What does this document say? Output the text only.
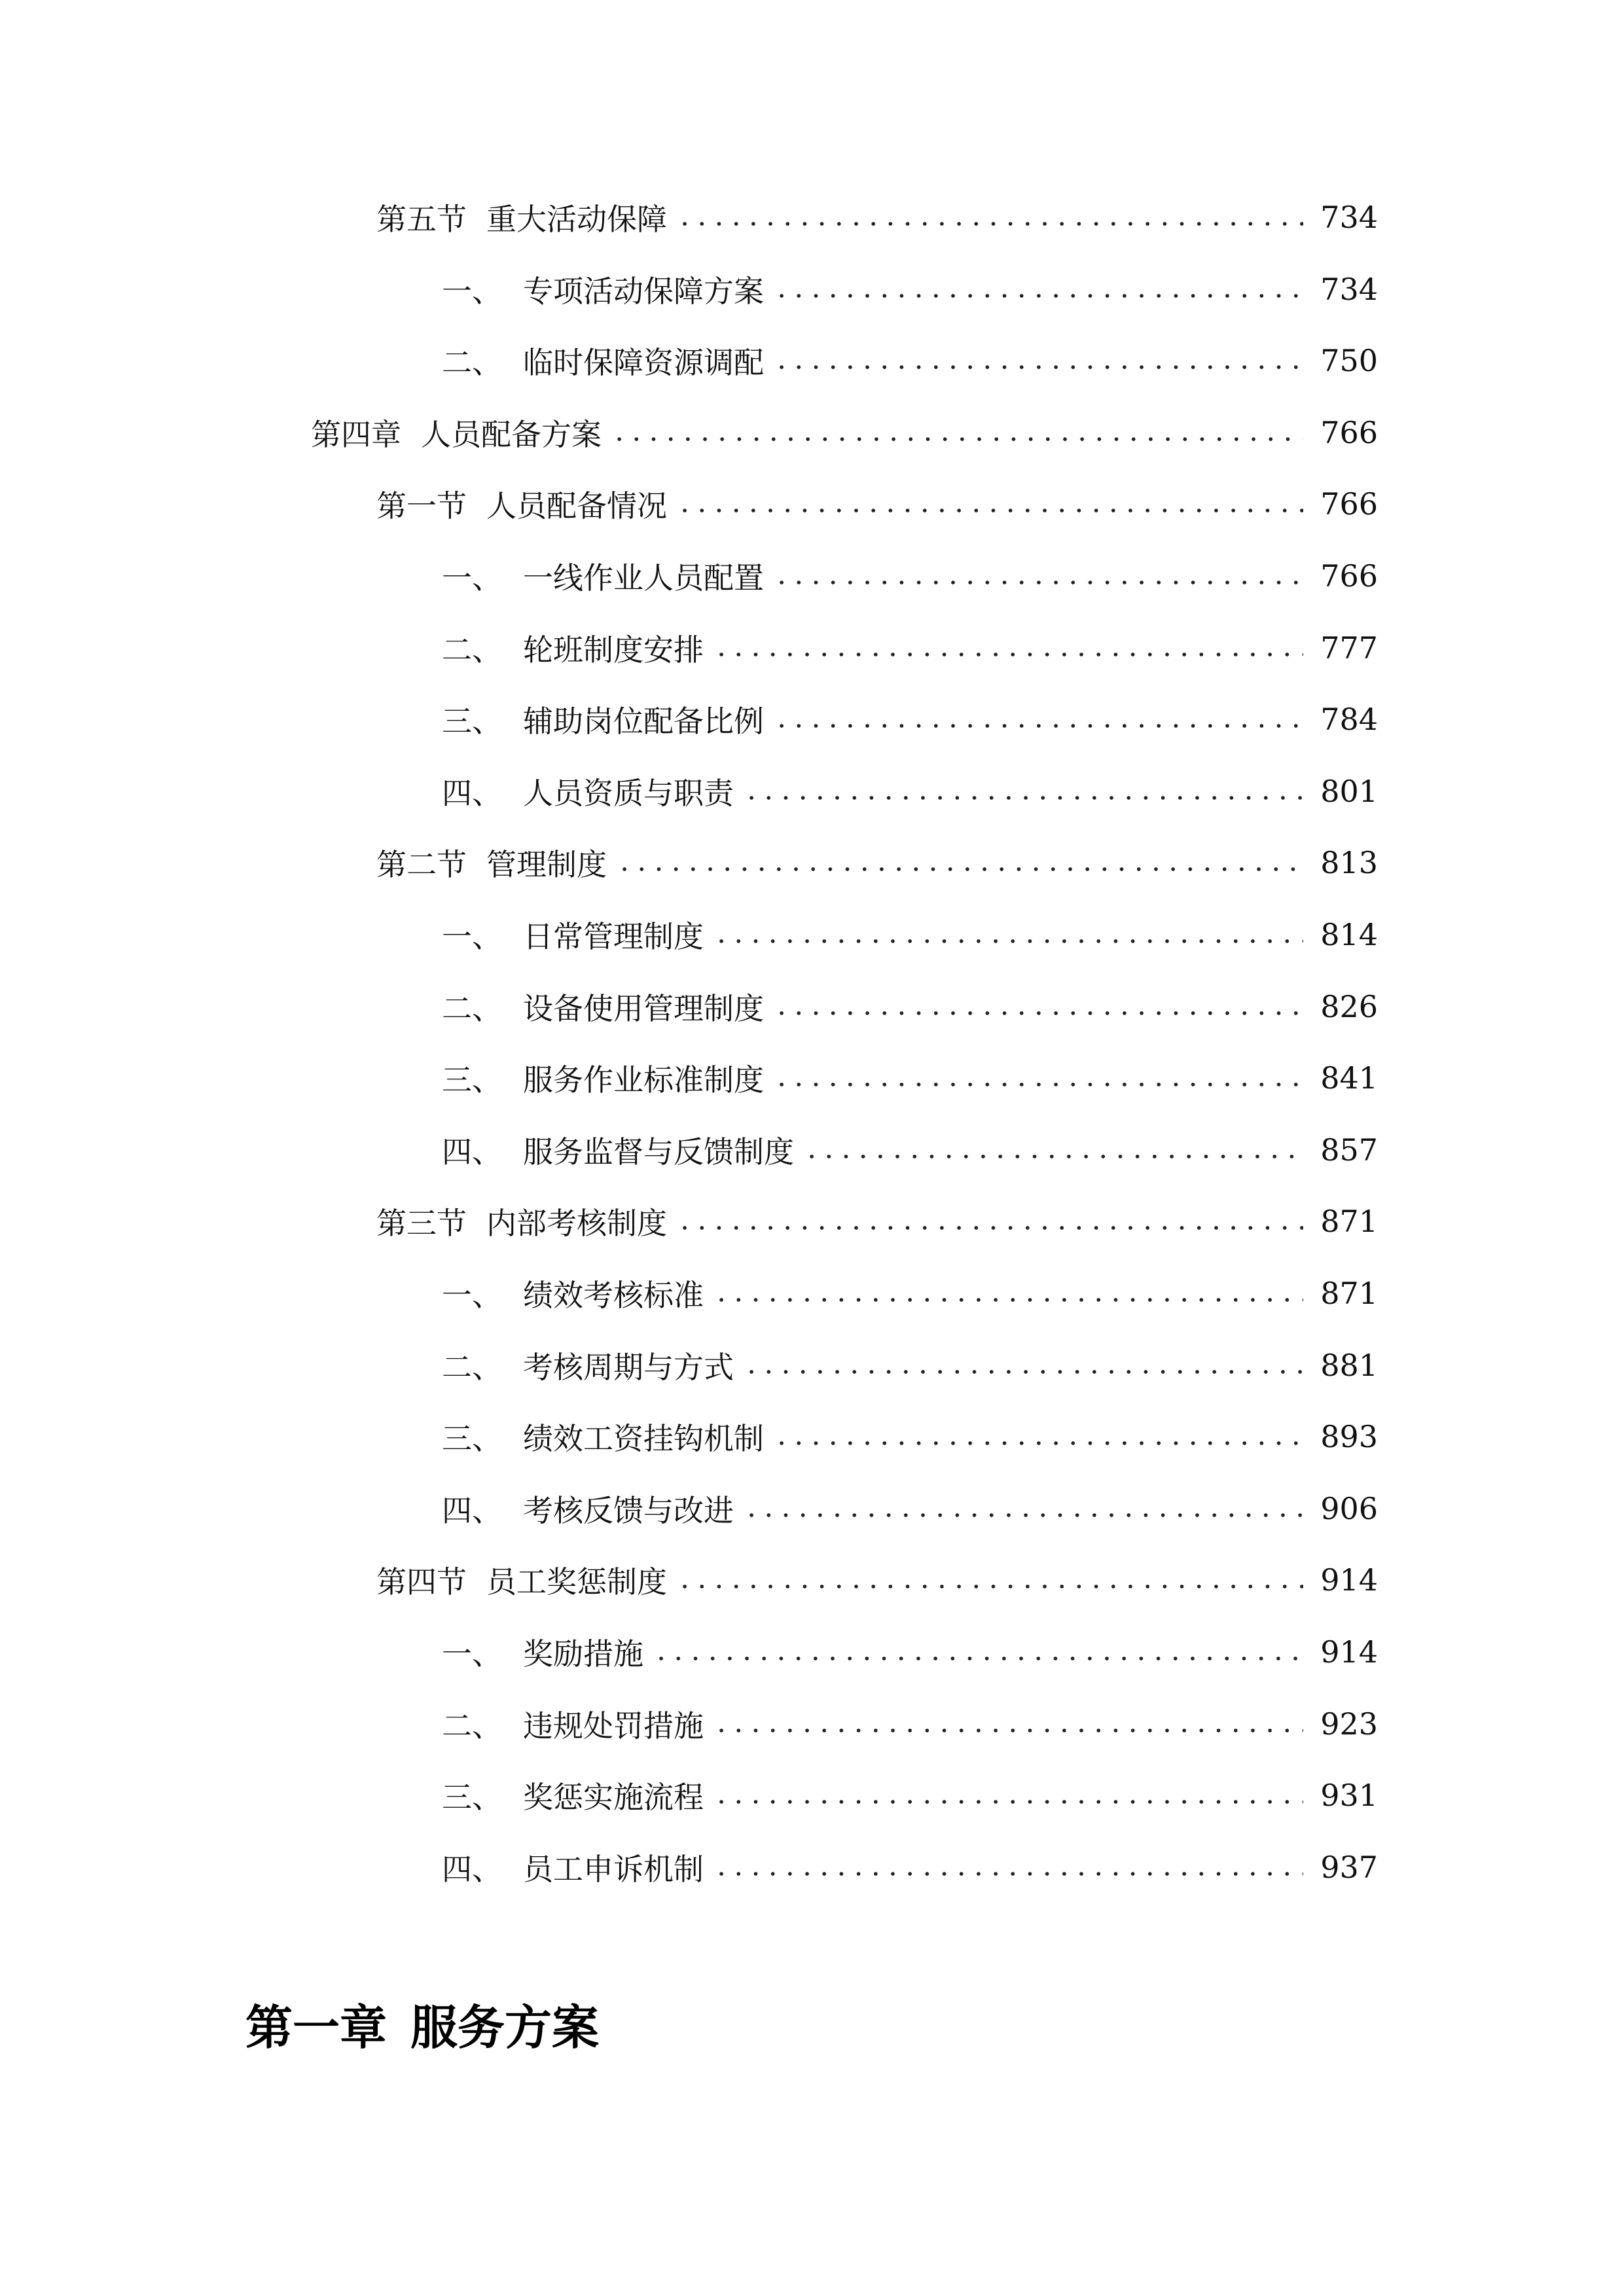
第五节 重大活动保障	734
一、 专项活动保障方案	734
二、 临时保障资源调配	750
第四章 人员配备方案	766
第一节 人员配备情况	766
一、 一线作业人员配置	766
二、 轮班制度安排	777
三、 辅助岗位配备比例	784
四、 人员资质与职责	801
第二节 管理制度	813
一、 日常管理制度	814
二、 设备使用管理制度	826
三、 服务作业标准制度	841
四、 服务监督与反馈制度	857
第三节 内部考核制度	871
一、 绩效考核标准	871
二、 考核周期与方式	881
三、 绩效工资挂钩机制	893
四、 考核反馈与改进	906
第四节 员工奖惩制度	914
一、 奖励措施	914
二、 违规处罚措施	923
三、 奖惩实施流程	931
四、 员工申诉机制	937
第一章 服务方案
